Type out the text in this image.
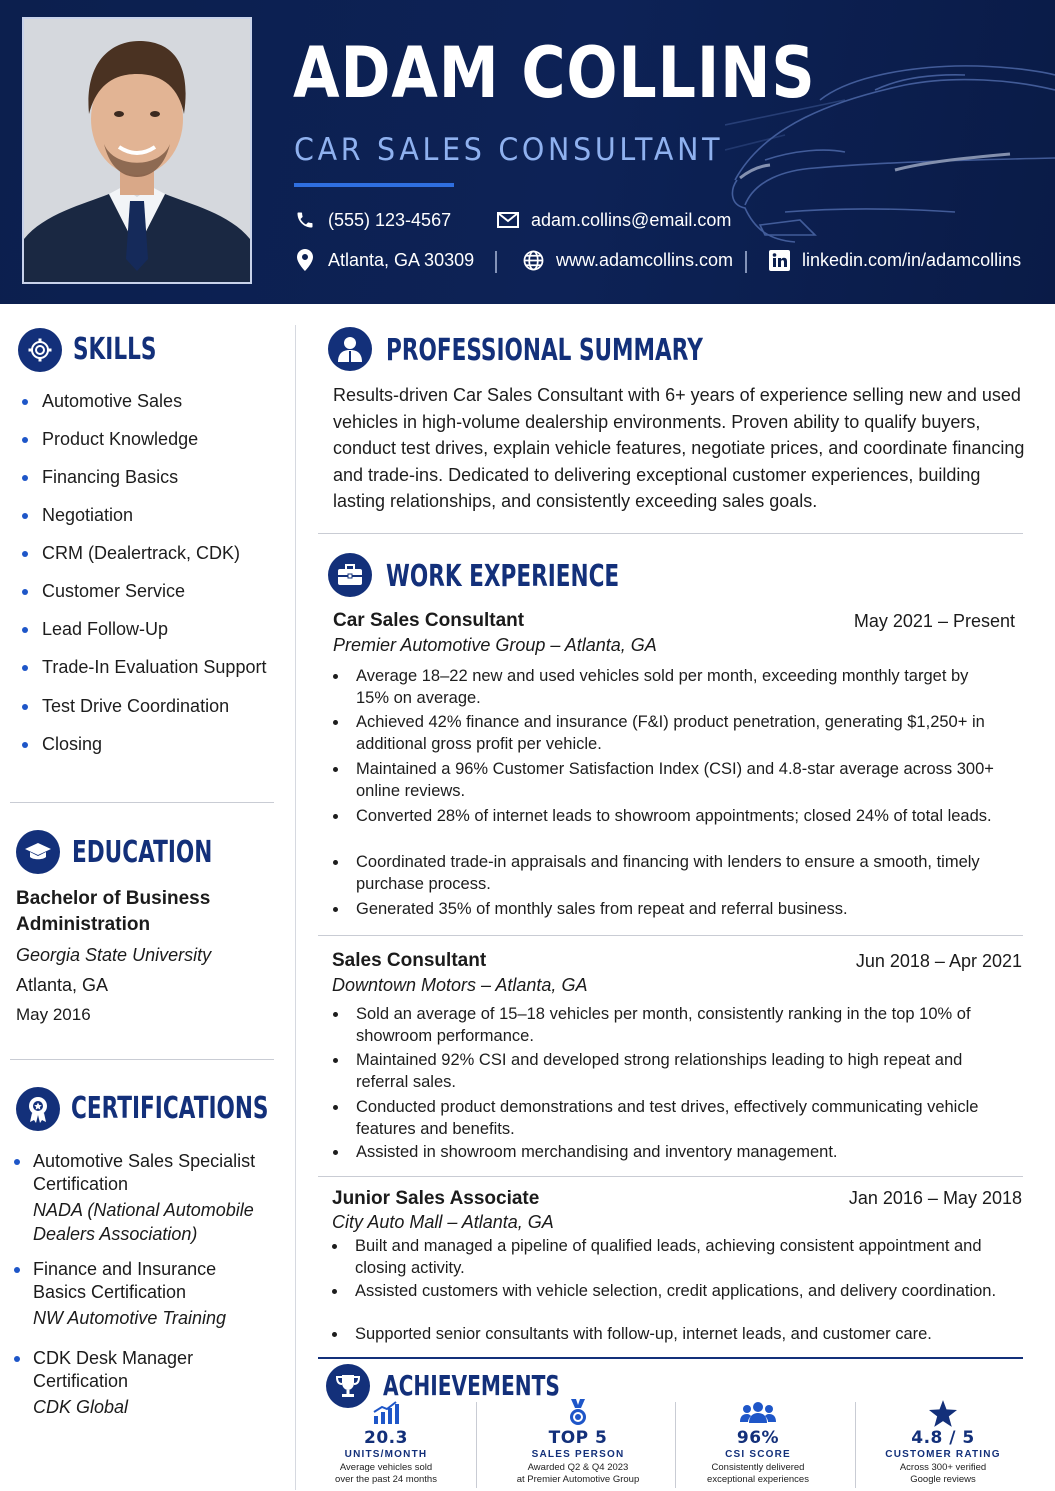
ADAM COLLINS
CAR SALES CONSULTANT
(555) 123-4567	adam.collins@email.com
Atlanta, GA 30309	www.adamcollins.com	linkedin.com/in/adamcollins
SKILLS
Automotive Sales
Product Knowledge
Financing Basics
Negotiation
CRM (Dealertrack, CDK)
Customer Service
Lead Follow-Up
Trade-In Evaluation Support
Test Drive Coordination
Closing
EDUCATION
Bachelor of Business Administration
Georgia State University
Atlanta, GA
May 2016
CERTIFICATIONS
Automotive Sales Specialist Certification
NADA (National Automobile Dealers Association)
Finance and Insurance Basics Certification
NW Automotive Training
CDK Desk Manager Certification
CDK Global
PROFESSIONAL SUMMARY
Results-driven Car Sales Consultant with 6+ years of experience selling new and used vehicles in high-volume dealership environments. Proven ability to qualify buyers, conduct test drives, explain vehicle features, negotiate prices, and coordinate financing and trade-ins. Dedicated to delivering exceptional customer experiences, building lasting relationships, and consistently exceeding sales goals.
WORK EXPERIENCE
Car Sales Consultant	May 2021 – Present
Premier Automotive Group – Atlanta, GA
Average 18–22 new and used vehicles sold per month, exceeding monthly target by 15% on average.
Achieved 42% finance and insurance (F&I) product penetration, generating $1,250+ in additional gross profit per vehicle.
Maintained a 96% Customer Satisfaction Index (CSI) and 4.8-star average across 300+ online reviews.
Converted 28% of internet leads to showroom appointments; closed 24% of total leads.
Coordinated trade-in appraisals and financing with lenders to ensure a smooth, timely purchase process.
Generated 35% of monthly sales from repeat and referral business.
Sales Consultant	Jun 2018 – Apr 2021
Downtown Motors – Atlanta, GA
Sold an average of 15–18 vehicles per month, consistently ranking in the top 10% of showroom performance.
Maintained 92% CSI and developed strong relationships leading to high repeat and referral sales.
Conducted product demonstrations and test drives, effectively communicating vehicle features and benefits.
Assisted in showroom merchandising and inventory management.
Junior Sales Associate	Jan 2016 – May 2018
City Auto Mall – Atlanta, GA
Built and managed a pipeline of qualified leads, achieving consistent appointment and closing activity.
Assisted customers with vehicle selection, credit applications, and delivery coordination.
Supported senior consultants with follow-up, internet leads, and customer care.
ACHIEVEMENTS
20.3
UNITS/MONTH
Average vehicles sold
over the past 24 months
TOP 5
SALES PERSON
Awarded Q2 & Q4 2023
at Premier Automotive Group
96%
CSI SCORE
Consistently delivered
exceptional experiences
4.8 / 5
CUSTOMER RATING
Across 300+ verified
Google reviews
